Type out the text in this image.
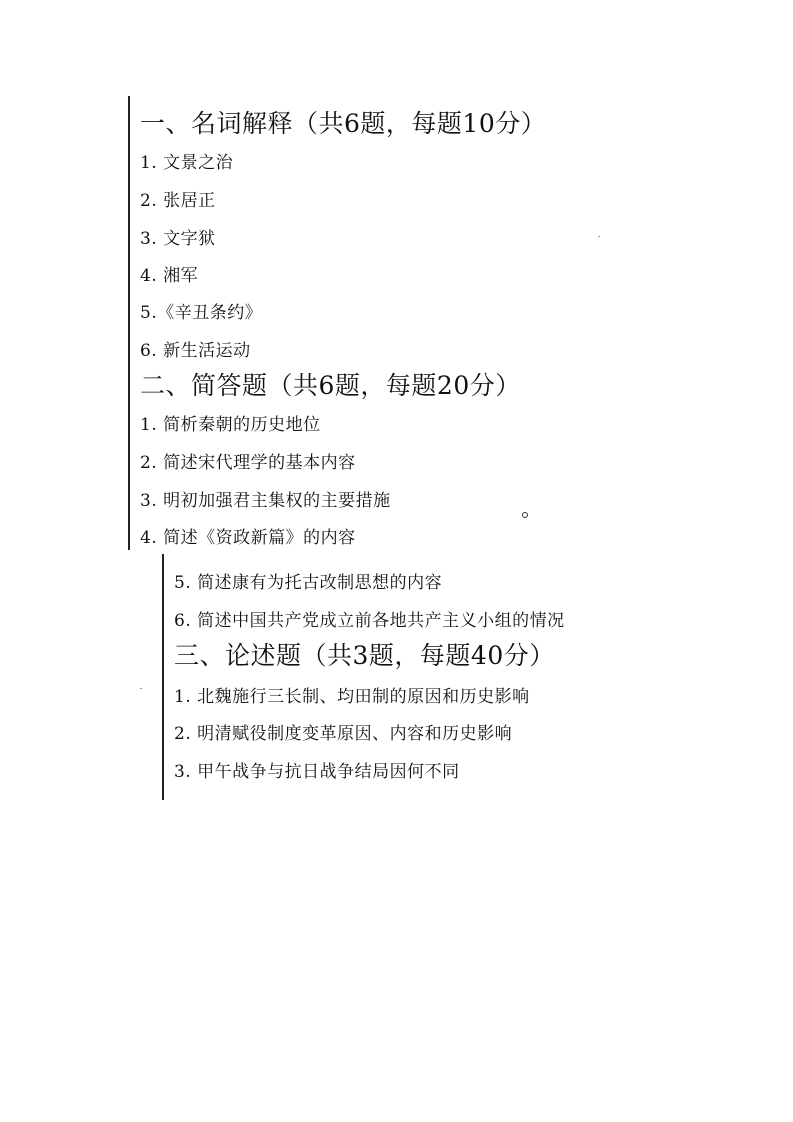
一、名词解释（共6题，每题10分）
1. 文景之治
2. 张居正
3. 文字狱
4. 湘军
5.《辛丑条约》
6. 新生活运动
二、简答题（共6题，每题20分）
1. 简析秦朝的历史地位
2. 简述宋代理学的基本内容
3. 明初加强君主集权的主要措施
4. 简述《资政新篇》的内容
5. 简述康有为托古改制思想的内容
6. 简述中国共产党成立前各地共产主义小组的情况
三、论述题（共3题，每题40分）
1. 北魏施行三长制、均田制的原因和历史影响
2. 明清赋役制度变革原因、内容和历史影响
3. 甲午战争与抗日战争结局因何不同
